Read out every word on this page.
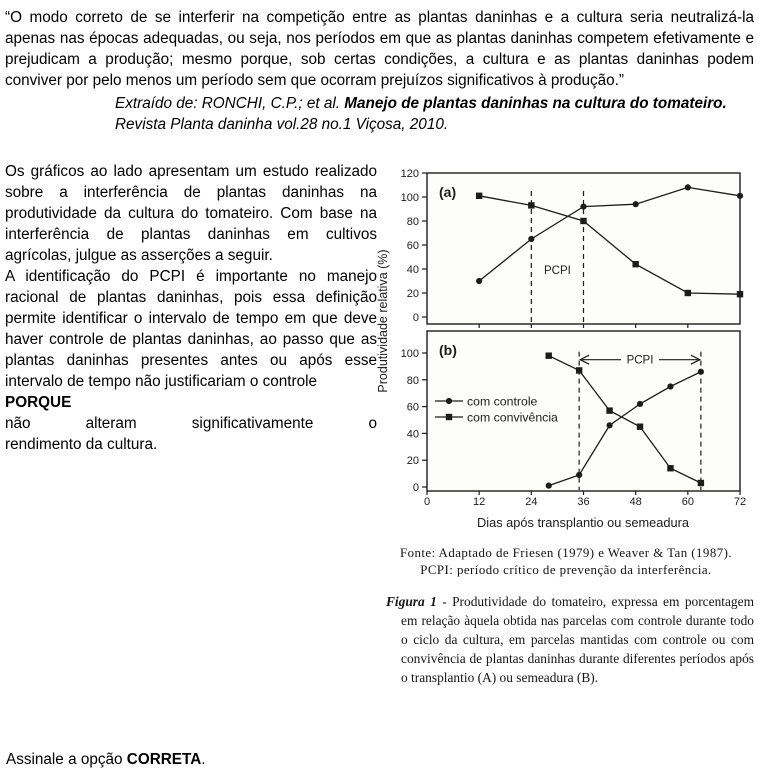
“O modo correto de se interferir na competição entre as plantas daninhas e a cultura seria neutralizá-la apenas nas épocas adequadas, ou seja, nos períodos em que as plantas daninhas competem efetivamente e prejudicam a produção; mesmo porque, sob certas condições, a cultura e as plantas daninhas podem conviver por pelo menos um período sem que ocorram prejuízos significativos à produção.”
Extraído de: RONCHI, C.P.; et al. Manejo de plantas daninhas na cultura do tomateiro. Revista Planta daninha vol.28 no.1 Viçosa, 2010.

Os gráficos ao lado apresentam um estudo realizado sobre a interferência de plantas daninhas na produtividade da cultura do tomateiro. Com base na interferência de plantas daninhas em cultivos agrícolas, julgue as asserções a seguir.

A identificação do PCPI é importante no manejo racional de plantas daninhas, pois essa definição permite identificar o intervalo de tempo em que deve haver controle de plantas daninhas, ao passo que as plantas daninhas presentes antes ou após esse intervalo de tempo não justificariam o controle

PORQUE

não alteram significativamente o
rendimento da cultura.

0
20
40
60
80
100
120
(a)
PCPI
0
20
40
60
80
100
0	12	24	36	48	60	72
(b)
PCPI
com controle
com convivência
Produtividade relativa (%)
Dias após transplantio ou semeadura
Fonte: Adaptado de Friesen (1979) e Weaver & Tan (1987).
PCPI: período crítico de prevenção da interferência.

Figura 1 - Produtividade do tomateiro, expressa em porcentagem em relação àquela obtida nas parcelas com controle durante todo o ciclo da cultura, em parcelas mantidas com controle ou com convivência de plantas daninhas durante diferentes períodos após o transplantio (A) ou semeadura (B).

Assinale a opção CORRETA.
